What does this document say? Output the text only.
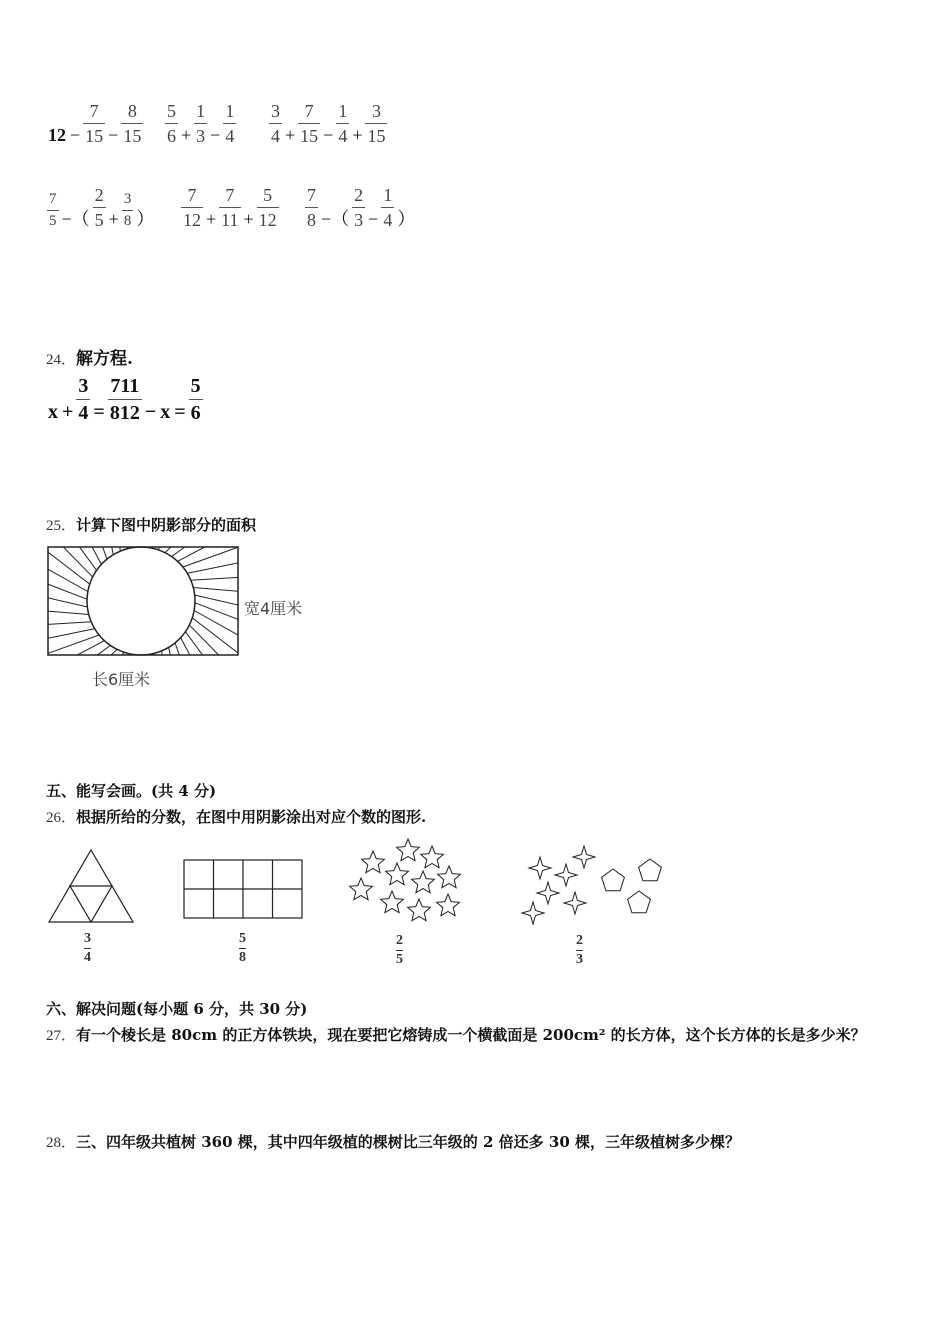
$12 - \frac{7}{15} - \frac{8}{15} \frac{5}{6} + \frac{1}{3} - \frac{1}{4} \frac{3}{4} + \frac{7}{15} - \frac{1}{4} + \frac{3}{15}$
$\frac{7}{5}$ −（ $\frac{2}{5} + \frac{3}{8}$ ） $\frac{7}{12} + \frac{7}{11} + \frac{5}{12} \frac{7}{8}$ −（ $\frac{2}{3} - \frac{1}{4}$ ）
24．解方程.
$x + \frac{3}{4} = \frac{711}{812} - x = \frac{5}{6}$
25．计算下图中阴影部分的面积
宽4厘米
长6厘米
五、能写会画。(共 4 分)
26．根据所给的分数，在图中用阴影涂出对应个数的图形.
$\frac{3}{4}$	$\frac{5}{8}$	$\frac{2}{5}$	$\frac{2}{3}$
六、解决问题(每小题 6 分，共 30 分)
27．有一个棱长是 80cm 的正方体铁块，现在要把它熔铸成一个横截面是 200cm² 的长方体，这个长方体的长是多少米？
28．三、四年级共植树 360 棵，其中四年级植的棵树比三年级的 2 倍还多 30 棵，三年级植树多少棵？
